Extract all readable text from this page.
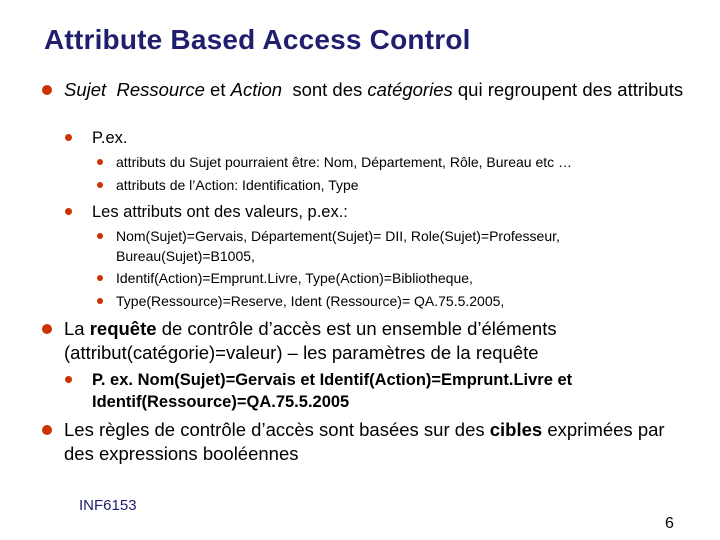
Attribute Based Access Control
Sujet Ressource et Action sont des catégories qui regroupent des attributs
P.ex.
attributs du Sujet pourraient être: Nom, Département, Rôle, Bureau etc …
attributs de l’Action: Identification, Type
Les attributs ont des valeurs, p.ex.:
Nom(Sujet)=Gervais, Département(Sujet)= DII, Role(Sujet)=Professeur, Bureau(Sujet)=B1005,
Identif(Action)=Emprunt.Livre, Type(Action)=Bibliotheque,
Type(Ressource)=Reserve, Ident (Ressource)= QA.75.5.2005,
La requête de contrôle d’accès est un ensemble d’éléments (attribut(catégorie)=valeur) – les paramètres de la requête
P. ex. Nom(Sujet)=Gervais et Identif(Action)=Emprunt.Livre et Identif(Ressource)=QA.75.5.2005
Les règles de contrôle d’accès sont basées sur des cibles exprimées par des expressions booléennes
INF6153
6
